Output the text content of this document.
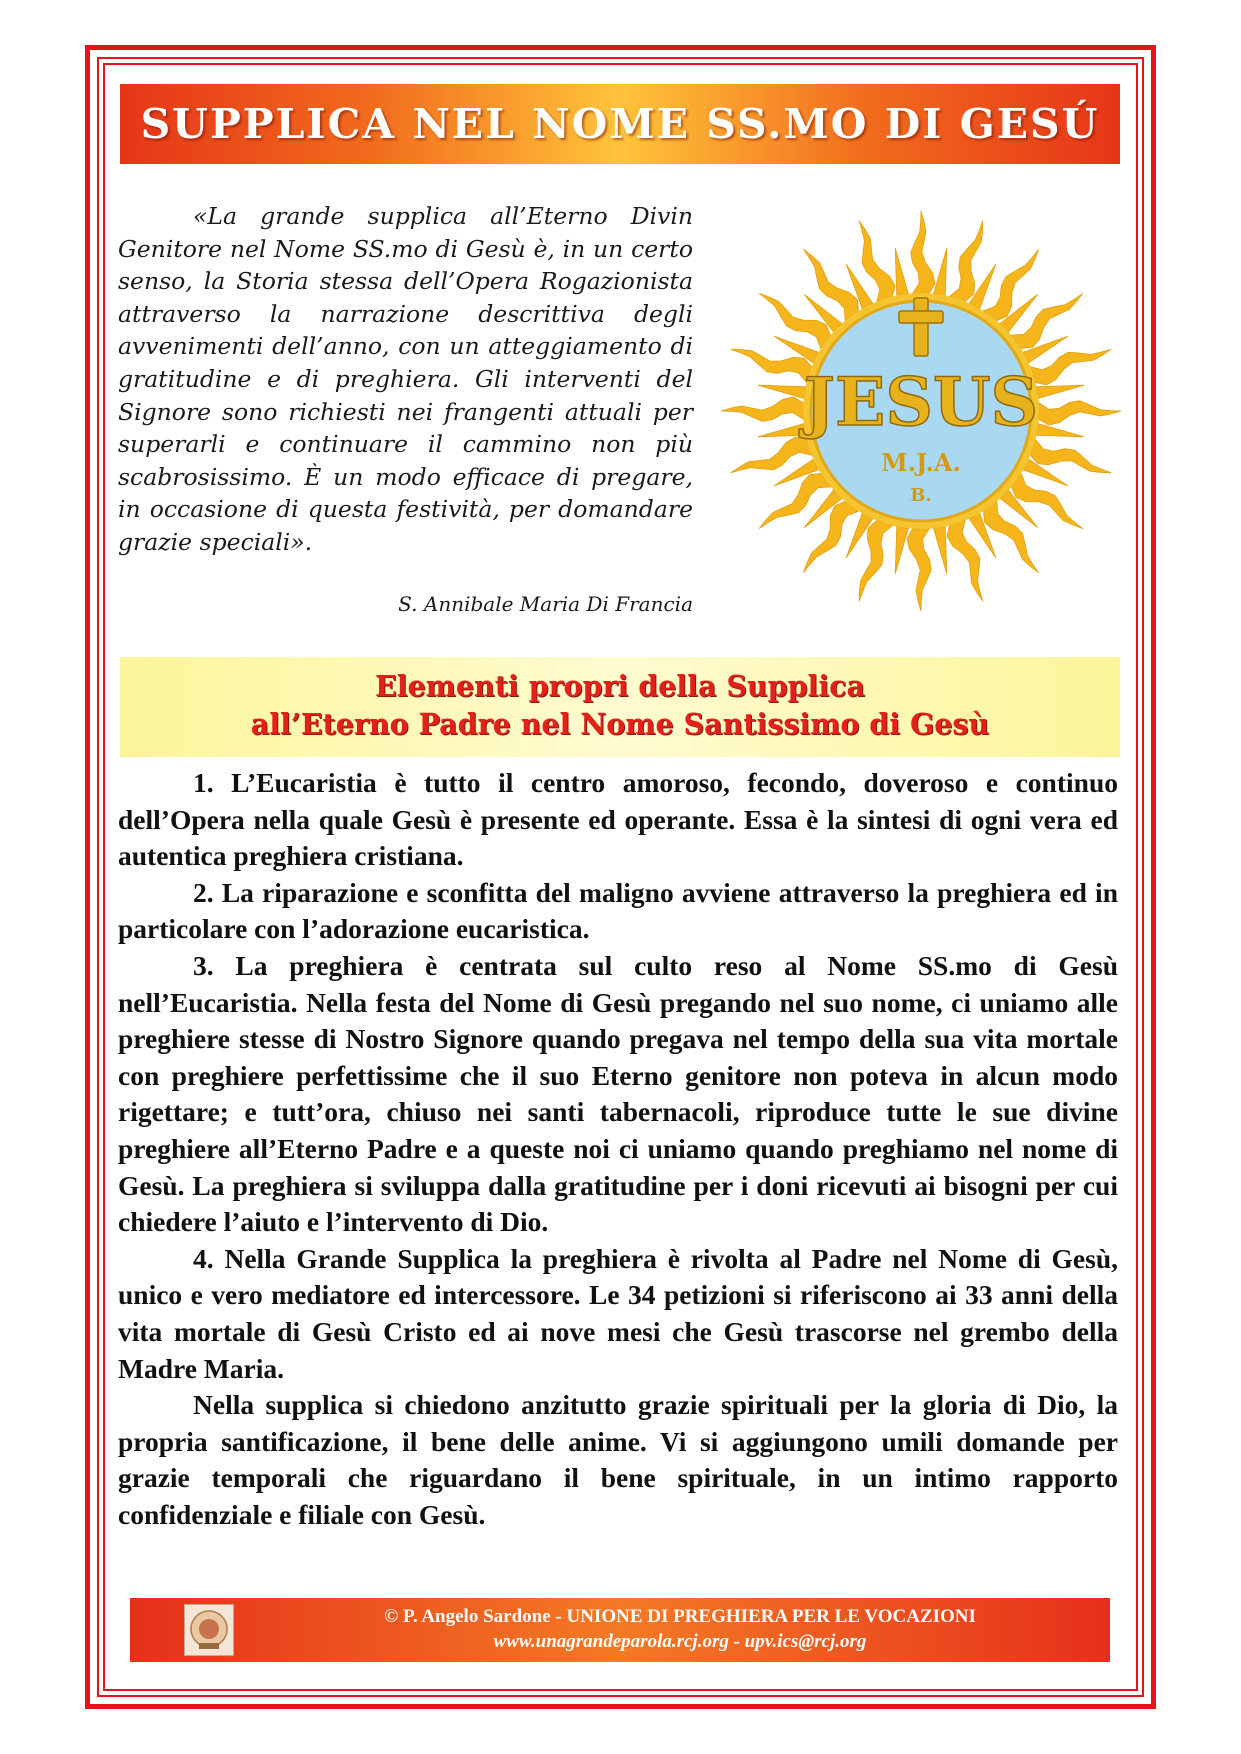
SUPPLICA NEL NOME SS.MO DI GESÚ
«La grande supplica all’Eterno Divin Genitore nel Nome SS.mo di Gesù è, in un certo senso, la Storia stessa dell’Opera Rogazionista attraverso la narrazione descrittiva degli avvenimenti dell’anno, con un atteggiamento di gratitudine e di preghiera. Gli interventi del Signore sono richiesti nei frangenti attuali per superarli e continuare il cammino non più scabrosissimo. È un modo efficace di pregare, in occasione di questa festività, per domandare grazie speciali».
S. Annibale Maria Di Francia
JESUS
M.J.A.
B.
Elementi propri della Supplica
all’Eterno Padre nel Nome Santissimo di Gesù

1. L’Eucaristia è tutto il centro amoroso, fecondo, doveroso e continuo dell’Opera nella quale Gesù è presente ed operante. Essa è la sintesi di ogni vera ed autentica preghiera cristiana.

2. La riparazione e sconfitta del maligno avviene attraverso la preghiera ed in particolare con l’adorazione eucaristica.

3. La preghiera è centrata sul culto reso al Nome SS.mo di Gesù nell’Eucaristia. Nella festa del Nome di Gesù pregando nel suo nome, ci uniamo alle preghiere stesse di Nostro Signore quando pregava nel tempo della sua vita mortale con preghiere perfettissime che il suo Eterno genitore non poteva in alcun modo rigettare; e tutt’ora, chiuso nei santi tabernacoli, riproduce tutte le sue divine preghiere all’Eterno Padre e a queste noi ci uniamo quando preghiamo nel nome di Gesù. La preghiera si sviluppa dalla gratitudine per i doni ricevuti ai bisogni per cui chiedere l’aiuto e l’intervento di Dio.

4. Nella Grande Supplica la preghiera è rivolta al Padre nel Nome di Gesù, unico e vero mediatore ed intercessore. Le 34 petizioni si riferiscono ai 33 anni della vita mortale di Gesù Cristo ed ai nove mesi che Gesù trascorse nel grembo della Madre Maria.

Nella supplica si chiedono anzitutto grazie spirituali per la gloria di Dio, la propria santificazione, il bene delle anime. Vi si aggiungono umili domande per grazie temporali che riguardano il bene spirituale, in un intimo rapporto confidenziale e filiale con Gesù.

© P. Angelo Sardone - UNIONE DI PREGHIERA PER LE VOCAZIONI
www.unagrandeparola.rcj.org - upv.ics@rcj.org
